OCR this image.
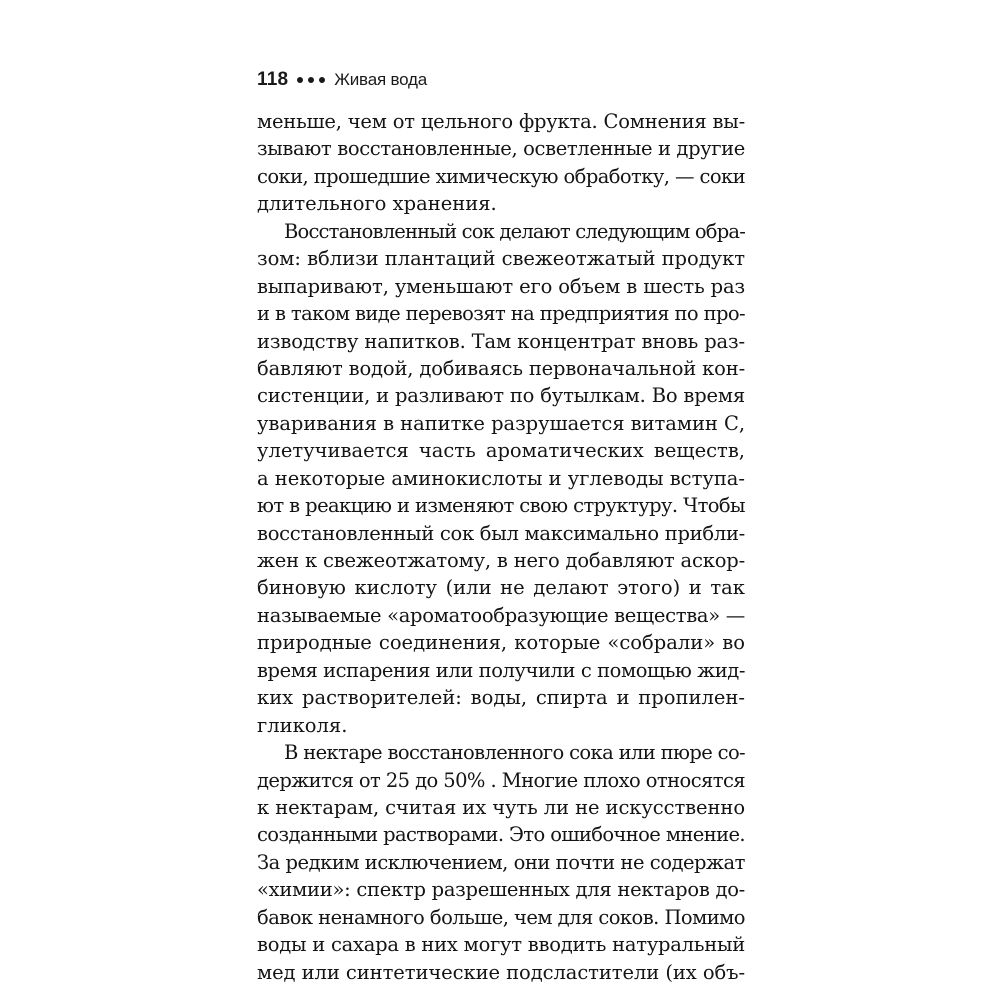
118	Живая вода
меньше, чем от цельного фрукта. Сомнения вы-
зывают восстановленные, осветленные и другие
соки, прошедшие химическую обработку, — соки
длительного хранения.
Восстановленный сок делают следующим обра-
зом: вблизи плантаций свежеотжатый продукт
выпаривают, уменьшают его объем в шесть раз
и в таком виде перевозят на предприятия по про-
изводству напитков. Там концентрат вновь раз-
бавляют водой, добиваясь первоначальной кон-
систенции, и разливают по бутылкам. Во время
уваривания в напитке разрушается витамин С,
улетучивается часть ароматических веществ,
а некоторые аминокислоты и углеводы вступа-
ют в реакцию и изменяют свою структуру. Чтобы
восстановленный сок был максимально прибли-
жен к свежеотжатому, в него добавляют аскор-
биновую кислоту (или не делают этого) и так
называемые «ароматообразующие вещества» —
природные соединения, которые «собрали» во
время испарения или получили с помощью жид-
ких растворителей: воды, спирта и пропилен-
гликоля.
В нектаре восстановленного сока или пюре со-
держится от 25 до 50% . Многие плохо относятся
к нектарам, считая их чуть ли не искусственно
созданными растворами. Это ошибочное мнение.
За редким исключением, они почти не содержат
«химии»: спектр разрешенных для нектаров до-
бавок ненамного больше, чем для соков. Помимо
воды и сахара в них могут вводить натуральный
мед или синтетические подсластители (их объ-
